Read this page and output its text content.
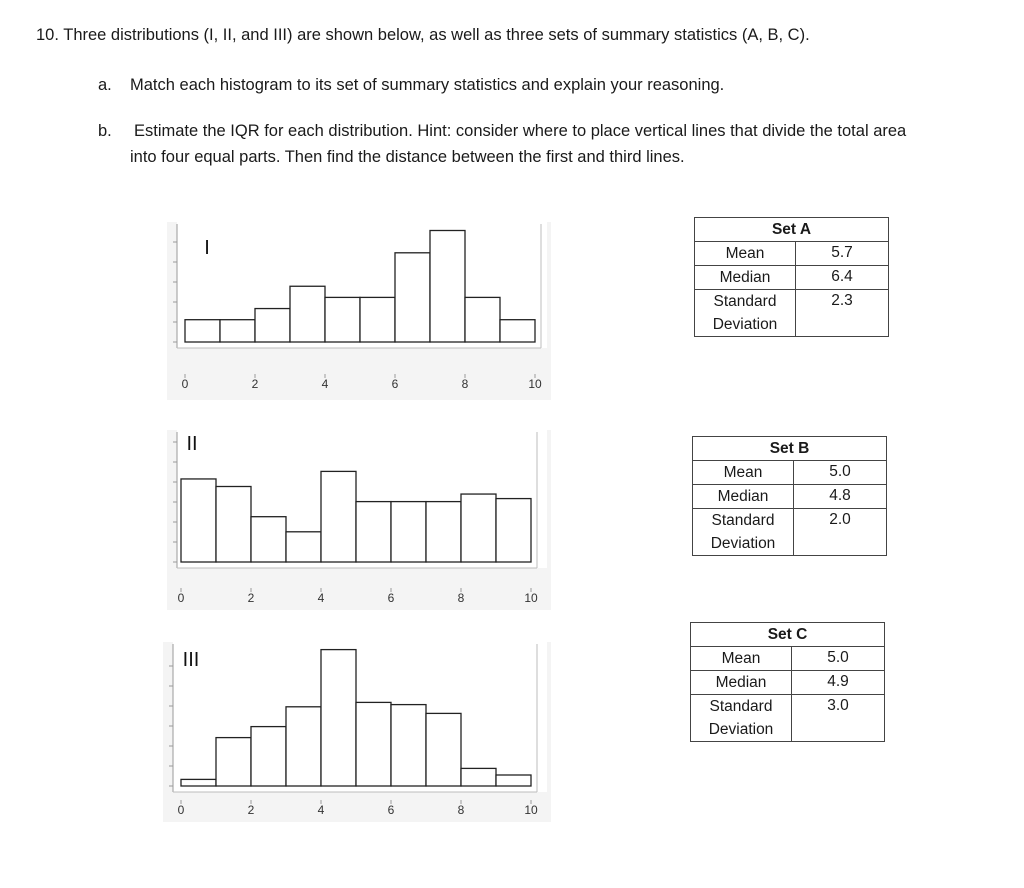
10. Three distributions (I, II, and III) are shown below, as well as three sets of summary statistics (A, B, C).
a. Match each histogram to its set of summary statistics and explain your reasoning.
b. Estimate the IQR for each distribution. Hint: consider where to place vertical lines that divide the total area
into four equal parts. Then find the distance between the first and third lines.
0	2	4	6	8	10
I
0	2	4	6	8	10
II
0	2	4	6	8	10
III
Set A	
Mean	5.7
Median	6.4
Standard
Deviation	2.3
Set B	
Mean	5.0
Median	4.8
Standard
Deviation	2.0
Set C	
Mean	5.0
Median	4.9
Standard
Deviation	3.0
